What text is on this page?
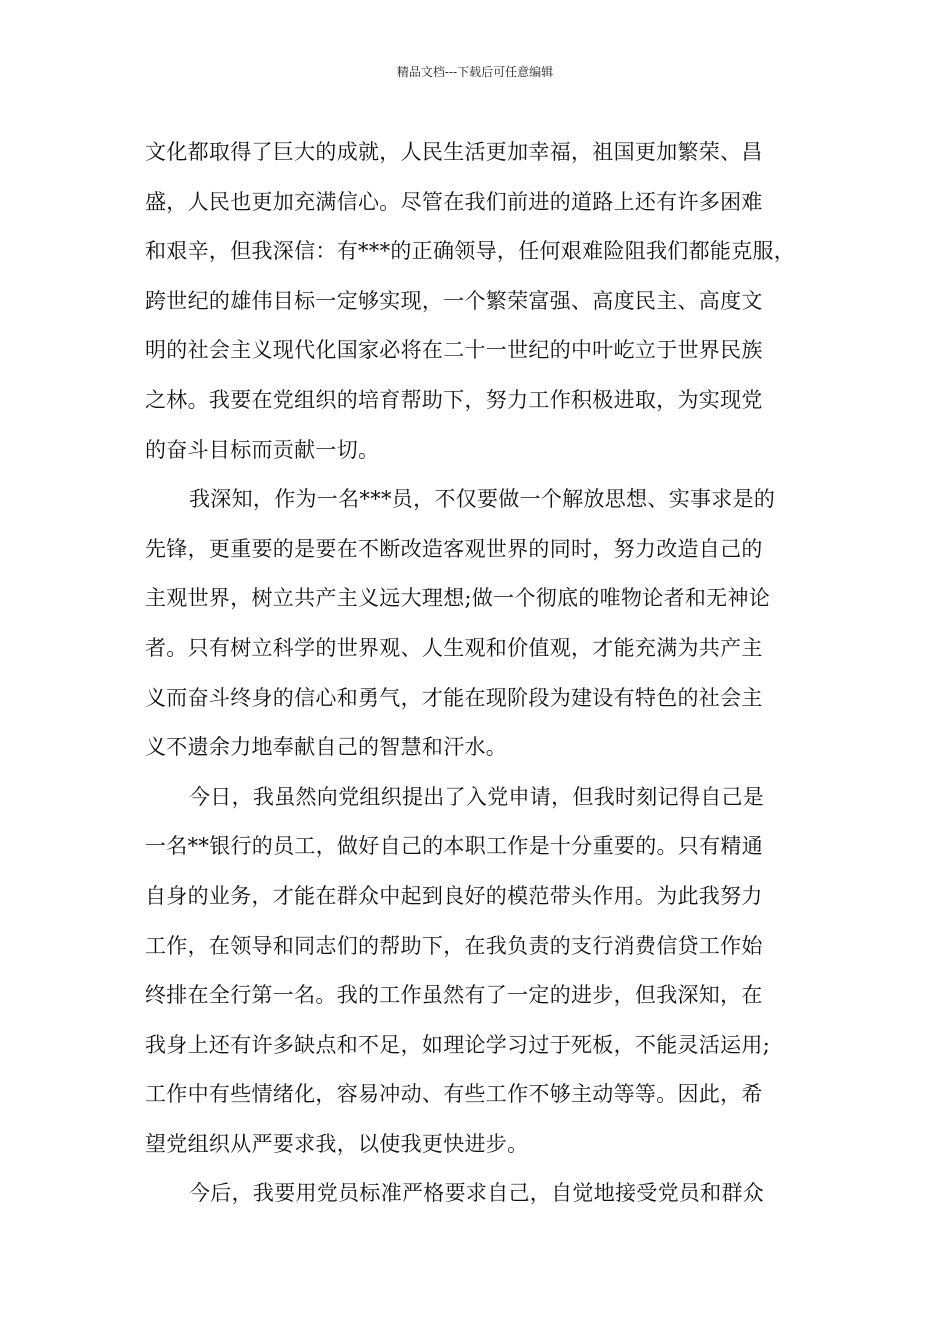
精品文档---下载后可任意编辑
文化都取得了巨大的成就，人民生活更加幸福，祖国更加繁荣、昌
盛，人民也更加充满信心。尽管在我们前进的道路上还有许多困难
和艰辛，但我深信：有***的正确领导，任何艰难险阻我们都能克服，
跨世纪的雄伟目标一定够实现，一个繁荣富强、高度民主、高度文
明的社会主义现代化国家必将在二十一世纪的中叶屹立于世界民族
之林。我要在党组织的培育帮助下，努力工作积极进取，为实现党
的奋斗目标而贡献一切。
我深知，作为一名***员，不仅要做一个解放思想、实事求是的
先锋，更重要的是要在不断改造客观世界的同时，努力改造自己的
主观世界，树立共产主义远大理想;做一个彻底的唯物论者和无神论
者。只有树立科学的世界观、人生观和价值观，才能充满为共产主
义而奋斗终身的信心和勇气，才能在现阶段为建设有特色的社会主
义不遗余力地奉献自己的智慧和汗水。
今日，我虽然向党组织提出了入党申请，但我时刻记得自己是
一名**银行的员工，做好自己的本职工作是十分重要的。只有精通
自身的业务，才能在群众中起到良好的模范带头作用。为此我努力
工作，在领导和同志们的帮助下，在我负责的支行消费信贷工作始
终排在全行第一名。我的工作虽然有了一定的进步，但我深知，在
我身上还有许多缺点和不足，如理论学习过于死板，不能灵活运用;
工作中有些情绪化，容易冲动、有些工作不够主动等等。因此，希
望党组织从严要求我，以使我更快进步。
今后，我要用党员标准严格要求自己，自觉地接受党员和群众
